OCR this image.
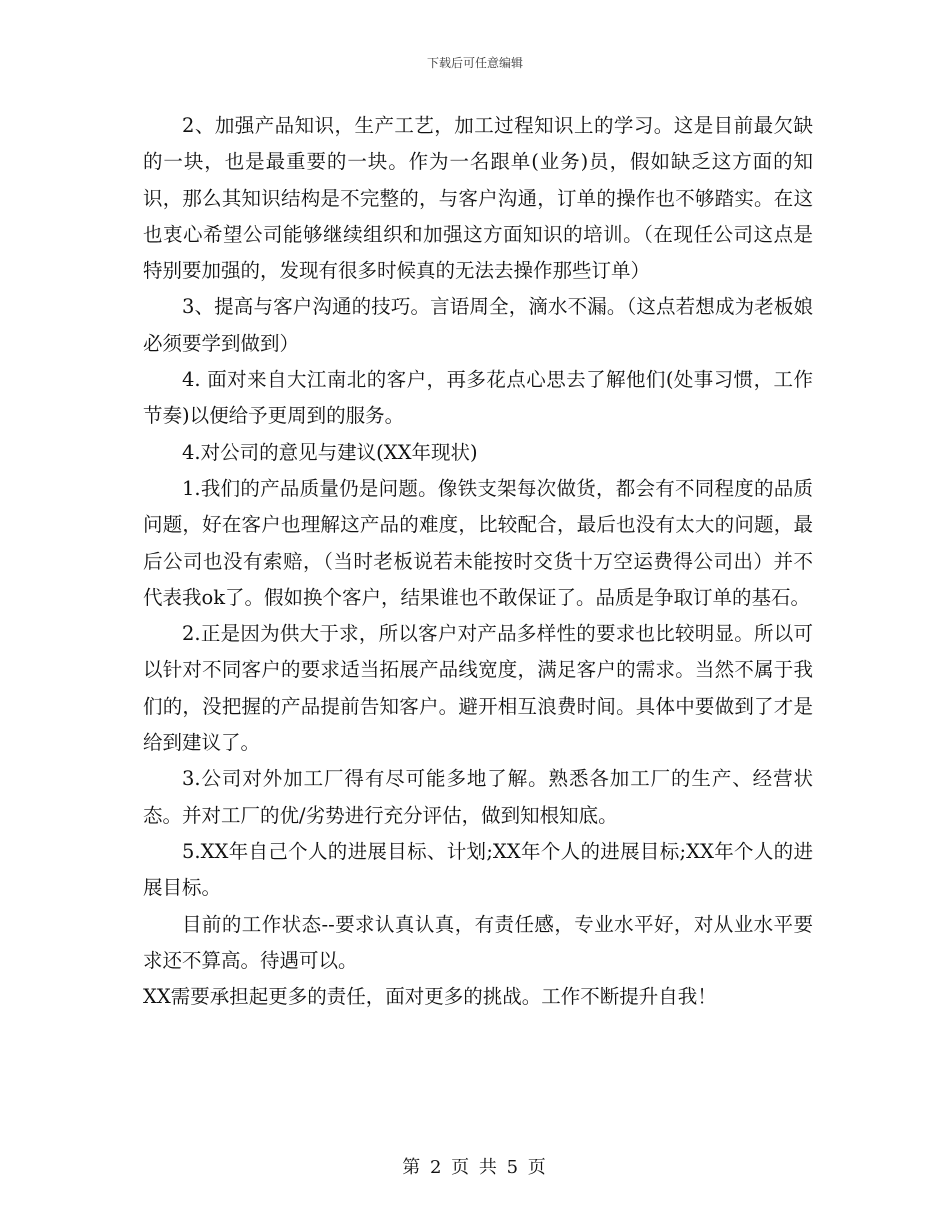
下载后可任意编辑

2、加强产品知识，生产工艺，加工过程知识上的学习。这是目前最欠缺的一块，也是最重要的一块。作为一名跟单(业务)员，假如缺乏这方面的知识，那么其知识结构是不完整的，与客户沟通，订单的操作也不够踏实。在这也衷心希望公司能够继续组织和加强这方面知识的培训。（在现任公司这点是特别要加强的，发现有很多时候真的无法去操作那些订单）

3、提高与客户沟通的技巧。言语周全，滴水不漏。（这点若想成为老板娘必须要学到做到）

4. 面对来自大江南北的客户，再多花点心思去了解他们(处事习惯，工作节奏)以便给予更周到的服务。

4.对公司的意见与建议(XX年现状)

1.我们的产品质量仍是问题。像铁支架每次做货，都会有不同程度的品质问题，好在客户也理解这产品的难度，比较配合，最后也没有太大的问题，最后公司也没有索赔，（当时老板说若未能按时交货十万空运费得公司出）并不代表我ok了。假如换个客户，结果谁也不敢保证了。品质是争取订单的基石。

2.正是因为供大于求，所以客户对产品多样性的要求也比较明显。所以可以针对不同客户的要求适当拓展产品线宽度，满足客户的需求。当然不属于我们的，没把握的产品提前告知客户。避开相互浪费时间。具体中要做到了才是给到建议了。

3.公司对外加工厂得有尽可能多地了解。熟悉各加工厂的生产、经营状态。并对工厂的优/劣势进行充分评估，做到知根知底。

5.XX年自己个人的进展目标、计划;XX年个人的进展目标;XX年个人的进展目标。

目前的工作状态--要求认真认真，有责任感，专业水平好，对从业水平要求还不算高。待遇可以。

XX需要承担起更多的责任，面对更多的挑战。工作不断提升自我！

第 2 页 共 5 页
